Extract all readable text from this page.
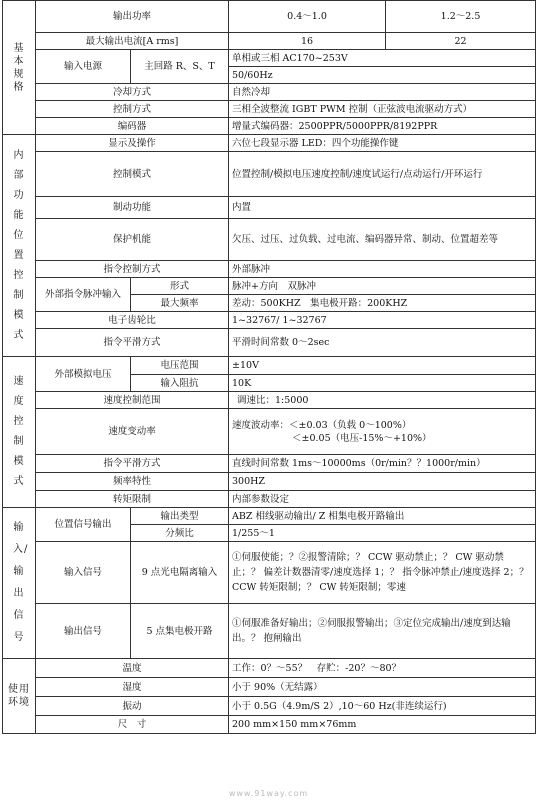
基本规格	输出功率		0.4～1.0	1.2～2.5
	最大输出电流[A rms]		16	22
	输入电源	主回路 R、S、T	单相或三相 AC170~253V	
			50/60Hz	
	冷却方式		自然冷却	
	控制方式		三相全波整流 IGBT PWM 控制（正弦波电流驱动方式）	
	编码器		增量式编码器：2500PPR/5000PPR/8192PPR	

内部功能位置控制模式	显示及操作		六位七段显示器 LED：四个功能操作键	
	控制模式		位置控制/模拟电压速度控制/速度试运行/点动运行/开环运行	
	制动功能		内置	
	保护机能		欠压、过压、过负载、过电流、编码器异常、制动、位置超差等	
	指令控制方式		外部脉冲	
	外部指令脉冲输入	形式	脉冲+方向　双脉冲	
		最大频率	差动：500KHZ　集电极开路：200KHZ	
	电子齿轮比		1~32767/ 1~32767	
	指令平滑方式		平滑时间常数 0～2sec	

速度控制模式	外部模拟电压	电压范围	±10V	
		输入阻抗	10K	
	速度控制范围		调速比：1:5000	
	速度变动率		速度波动率：＜±0.03（负载 0～100%）
＜±0.05（电压-15%～+10%）	

	指令平滑方式		直线时间常数 1ms～10000ms（0r/min？？1000r/min）	
	频率特性		300HZ	
	转矩限制		内部参数设定	

输入/输出信号	位置信号输出	输出类型	ABZ 相线驱动输出/ Z 相集电极开路输出	
		分频比	1/255～1	
	输入信号	9 点光电隔离输入	①伺服使能；？②报警清除；？ CCW 驱动禁止；？ CW 驱动禁止；？ 偏差计数器清零/速度选择 1；？ 指令脉冲禁止/速度选择 2；？ CCW 转矩限制；？ CW 转矩限制；零速	
	输出信号	5 点集电极开路	①伺服准备好输出；②伺服报警输出；③定位完成输出/速度到达输出。？ 抱闸输出	

使用环境	温度		工作：0？～55？　存贮：-20？～80？	
	湿度		小于 90%（无结露）	
	振动		小于 0.5G（4.9m/S 2）,10～60 Hz(非连续运行)	
	尺　寸		200 mm×150 mm×76mm	
www.91way.com
